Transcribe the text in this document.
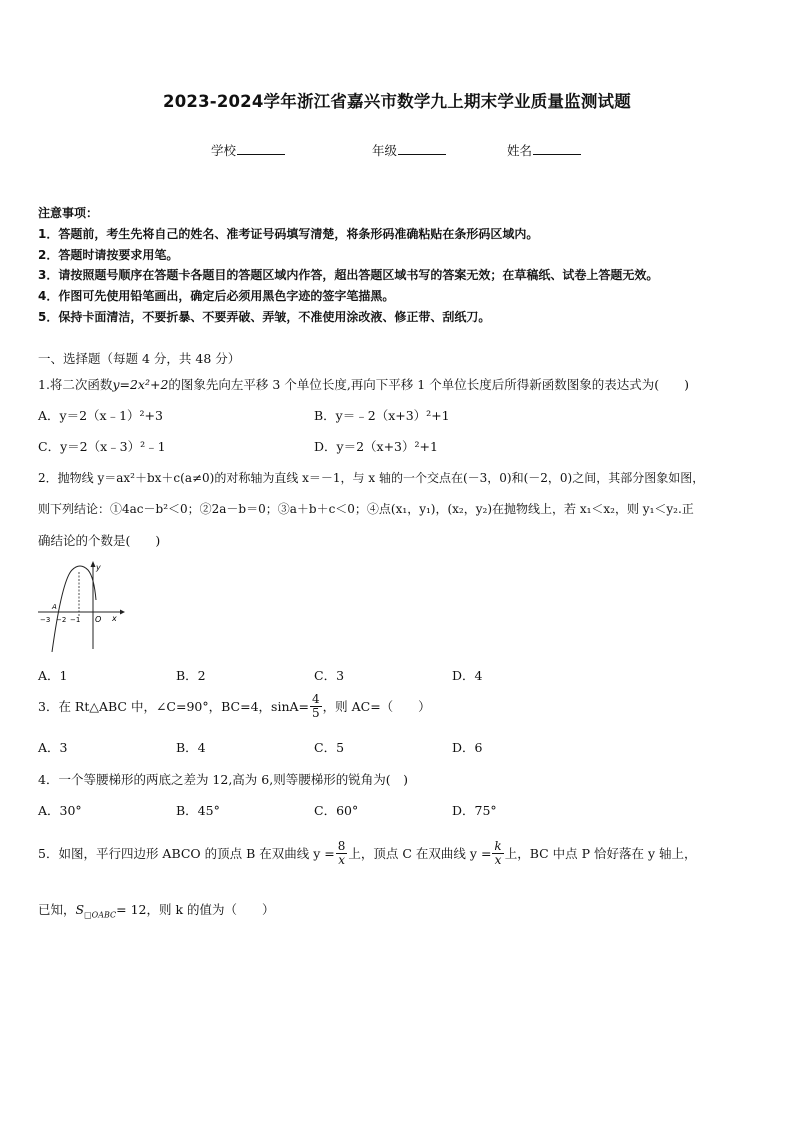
2023-2024学年浙江省嘉兴市数学九上期末学业质量监测试题
学校	年级	姓名
注意事项：
1．答题前，考生先将自己的姓名、准考证号码填写清楚，将条形码准确粘贴在条形码区域内。
2．答题时请按要求用笔。
3．请按照题号顺序在答题卡各题目的答题区域内作答，超出答题区域书写的答案无效；在草稿纸、试卷上答题无效。
4．作图可先使用铅笔画出，确定后必须用黑色字迹的签字笔描黑。
5．保持卡面清洁，不要折暴、不要弄破、弄皱，不准使用涂改液、修正带、刮纸刀。
一、选择题（每题 4 分，共 48 分）
1.将二次函数y=2x²+2的图象先向左平移 3 个单位长度,再向下平移 1 个单位长度后所得新函数图象的表达式为(　　)
A．y＝2（x﹣1）²+3	B．y＝﹣2（x+3）²+1
C．y＝2（x﹣3）²﹣1	D．y＝2（x+3）²+1
2．抛物线 y＝ax²＋bx＋c(a≠0)的对称轴为直线 x＝－1，与 x 轴的一个交点在(－3，0)和(－2，0)之间，其部分图象如图，
则下列结论：①4ac－b²＜0；②2a－b＝0；③a＋b＋c＜0；④点(x₁，y₁)，(x₂，y₂)在抛物线上，若 x₁＜x₂，则 y₁＜y₂.正
确结论的个数是(　　)
y
x
O
A
−3 −2 −1
A．1	B．2	C．3	D．4
3．在 Rt△ABC 中，∠C=90°，BC=4，$\sin A= \frac{4}{5}$ ，则 AC=（　　）
A．3	B．4	C．5	D．6
4．一个等腰梯形的两底之差为 12,高为 6,则等腰梯形的锐角为(　)
A．30°	B．45°	C．60°	D．75°
5．如图，平行四边形 ABCO 的顶点 B 在双曲线 $y = \frac{8}{x}$ 上，顶点 C 在双曲线 $y = \frac{k}{x}$ 上，BC 中点 P 恰好落在 y 轴上，
已知，$S_{□OABC}= 12$，则 k 的值为（　　）
